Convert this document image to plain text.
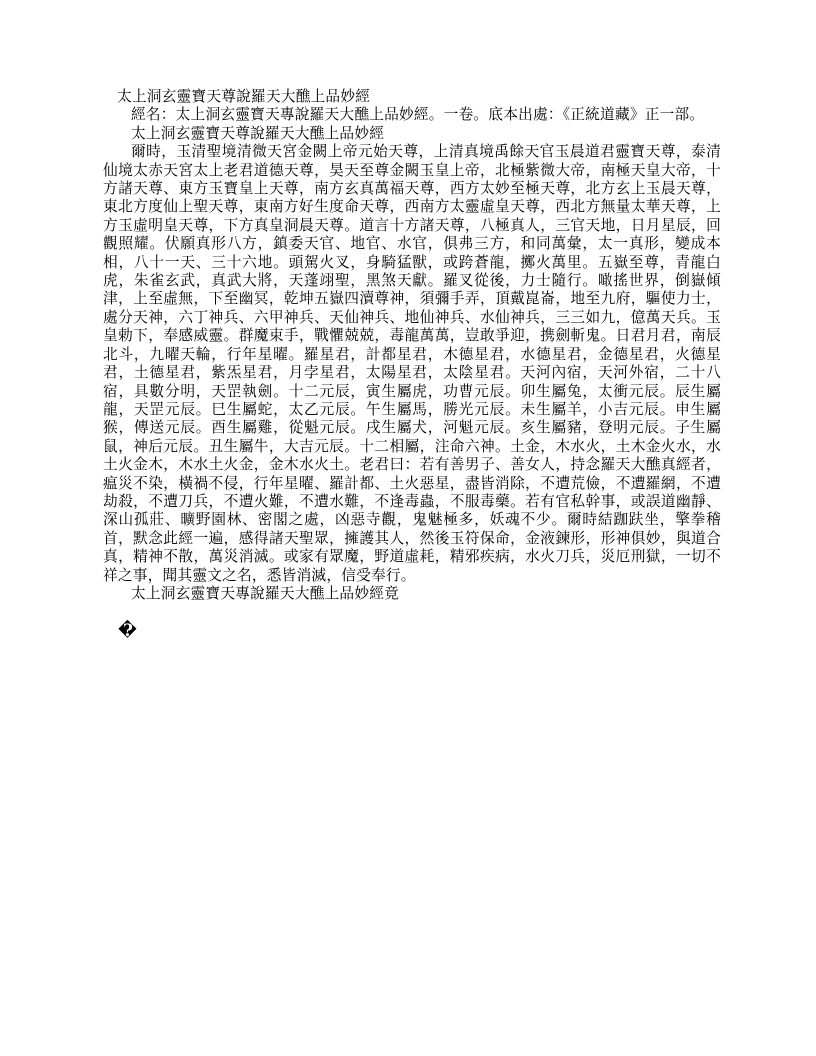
太上洞玄靈寶天尊說羅天大醮上品妙經

經名：太上洞玄靈寶天專說羅天大醮上品妙經。一卷。底本出處：《正統道藏》正一部。

太上洞玄靈寶天尊說羅天大醮上品妙經

爾時，玉清聖境清微天宮金闕上帝元始天尊，上清真境禹餘天官玉晨道君靈寶天尊，泰清仙境太赤天宮太上老君道德天尊，昊天至尊金闕玉皇上帝，北極紫微大帝，南極天皇大帝，十方諸天尊、東方玉寶皇上天尊，南方玄真萬福天尊，西方太妙至極天尊，北方玄上玉晨天尊，東北方度仙上聖天尊，東南方好生度命天尊，西南方太靈虛皇天尊，西北方無量太華天尊，上方玉虛明皇天尊，下方真皇洞晨天尊。道言十方諸天尊，八極真人，三官天地，日月星辰，回觀照耀。伏願真形八方，鎮委天官、地官、水官，俱弗三方，和同萬彙，太一真形，變成本相，八十一天、三十六地。頭駕火叉，身騎猛獸，或跨蒼龍，擲火萬里。五嶽至尊，青龍白虎，朱雀玄武，真武大將，天蓬翊聖，黑煞天獻。羅叉從後，力士隨行。噉搖世界，倒嶽傾津，上至虛無，下至幽冥，乾坤五嶽四瀆尊神，須彌手弄，頂戴崑崙，地至九府，驅使力士，處分天神，六丁神兵、六甲神兵、天仙神兵、地仙神兵、水仙神兵，三三如九，億萬天兵。玉皇勅下，奉感威靈。群魔束手，戰懼兢兢，毒龍萬萬，豈敢爭迎，携劍斬鬼。日君月君，南辰北斗，九曜天輪，行年星曜。羅星君，計都星君，木德星君，水德星君，金德星君，火德星君，土德星君，紫炁星君，月孛星君，太陽星君，太陰星君。天河內宿，天河外宿，二十八宿，具數分明，天罡執劍。十二元辰，寅生屬虎，功曹元辰。卯生屬兔，太衝元辰。辰生屬龍，天罡元辰。巳生屬蛇，太乙元辰。午生屬馬，勝光元辰。未生屬羊，小吉元辰。申生屬猴，傳送元辰。酉生屬雞，從魁元辰。戌生屬犬，河魁元辰。亥生屬豬，登明元辰。子生屬鼠，神后元辰。丑生屬牛，大吉元辰。十二相屬，注命六神。土金，木水火，土木金火水，水土火金木，木水土火金，金木水火土。老君曰：若有善男子、善女人，持念羅天大醮真經者，瘟災不染，橫禍不侵，行年星曜、羅計都、土火惡星，盡皆消除，不遭荒儉，不遭羅網，不遭劫殺，不遭刀兵，不遭火難，不遭水難，不逢毒蟲，不服毒藥。若有官私幹事，或誤道幽靜、深山孤莊、曠野園林、密閣之處，凶惡寺觀，鬼魅極多，妖魂不少。爾時結跏趺坐，擎拳稽首，默念此經一遍，感得諸天聖眾，擁護其人，然後玉符保命，金液鍊形，形神俱妙，與道合真，精神不散，萬災消滅。或家有眾魔，野道虛耗，精邪疾病，水火刀兵，災厄刑獄，一切不祥之事，聞其靈文之名，悉皆消滅，信受奉行。

太上洞玄靈寶天專說羅天大醮上品妙經竟

�
